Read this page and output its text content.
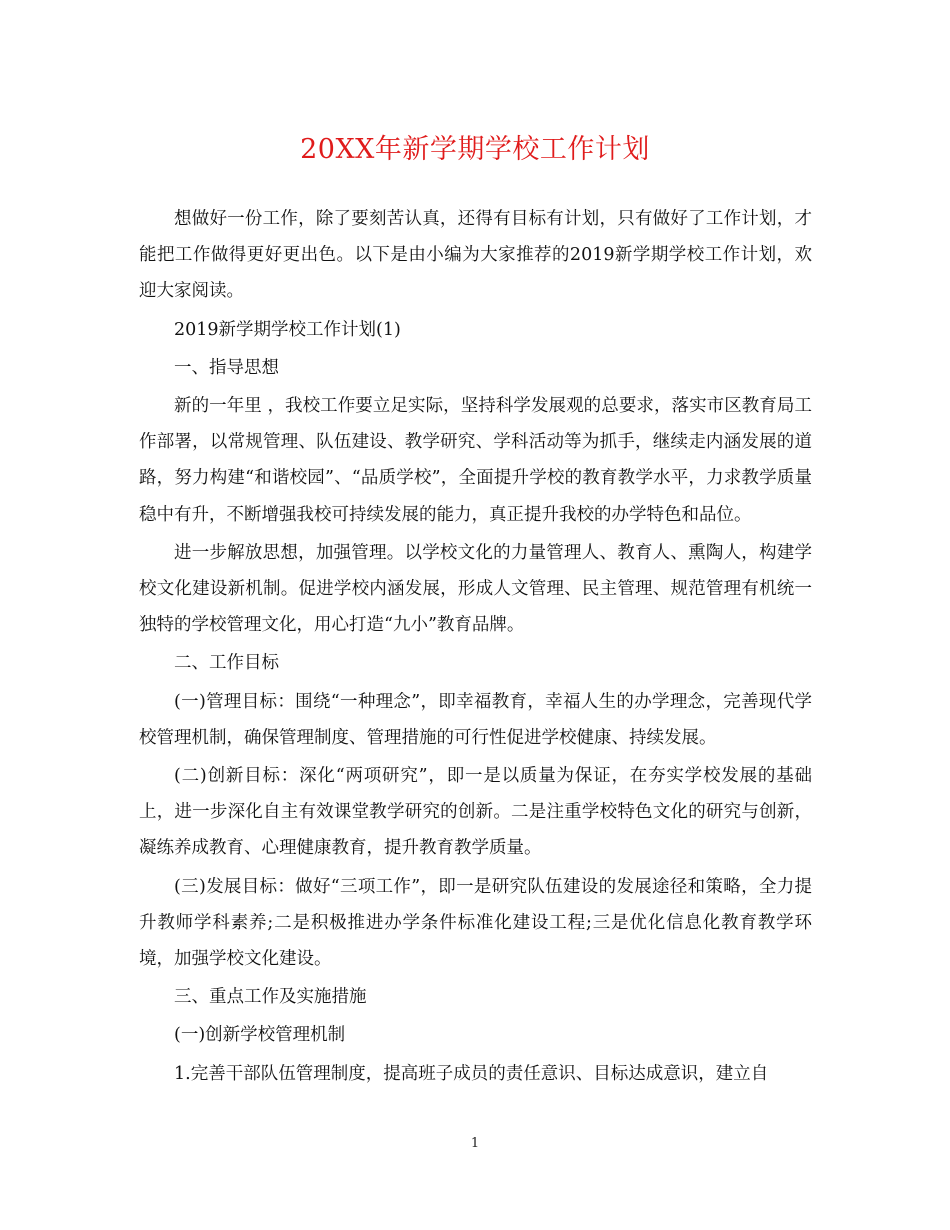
20XX年新学期学校工作计划

想做好一份工作，除了要刻苦认真，还得有目标有计划，只有做好了工作计划，才能把工作做得更好更出色。以下是由小编为大家推荐的2019新学期学校工作计划，欢迎大家阅读。

2019新学期学校工作计划(1)

一、指导思想

新的一年里 ，我校工作要立足实际，坚持科学发展观的总要求，落实市区教育局工作部署，以常规管理、队伍建设、教学研究、学科活动等为抓手，继续走内涵发展的道路，努力构建“和谐校园”、“品质学校”，全面提升学校的教育教学水平，力求教学质量稳中有升，不断增强我校可持续发展的能力，真正提升我校的办学特色和品位。

进一步解放思想，加强管理。以学校文化的力量管理人、教育人、熏陶人，构建学校文化建设新机制。促进学校内涵发展，形成人文管理、民主管理、规范管理有机统一独特的学校管理文化，用心打造“九小”教育品牌。

二、工作目标

(一)管理目标：围绕“一种理念”，即幸福教育，幸福人生的办学理念，完善现代学校管理机制，确保管理制度、管理措施的可行性促进学校健康、持续发展。

(二)创新目标：深化“两项研究”，即一是以质量为保证，在夯实学校发展的基础上，进一步深化自主有效课堂教学研究的创新。二是注重学校特色文化的研究与创新，凝练养成教育、心理健康教育，提升教育教学质量。

(三)发展目标：做好“三项工作”，即一是研究队伍建设的发展途径和策略，全力提升教师学科素养;二是积极推进办学条件标准化建设工程;三是优化信息化教育教学环境，加强学校文化建设。

三、重点工作及实施措施

(一)创新学校管理机制

1.完善干部队伍管理制度，提高班子成员的责任意识、目标达成意识，建立自

1
